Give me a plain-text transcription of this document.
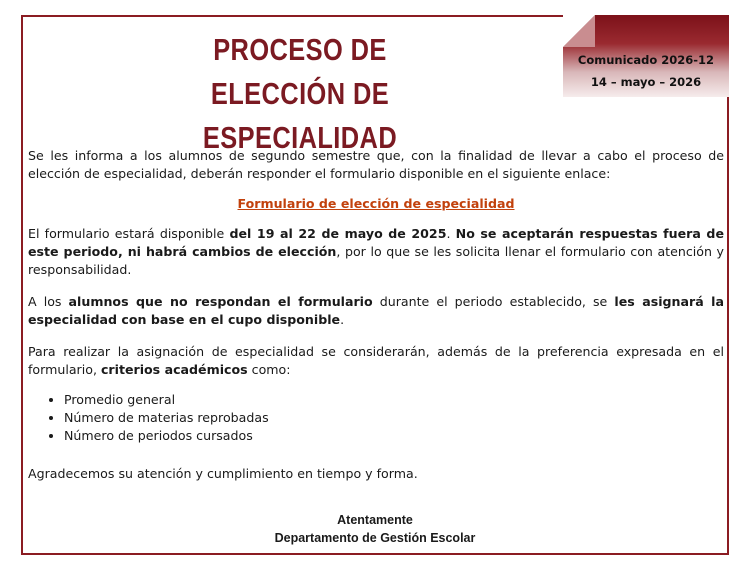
PROCESO DE ELECCIÓN DE
ESPECIALIDAD
Comunicado 2026-12
14 – mayo – 2026

Se les informa a los alumnos de segundo semestre que, con la finalidad de llevar a cabo el proceso de elección de especialidad, deberán responder el formulario disponible en el siguiente enlace:

Formulario de elección de especialidad

El formulario estará disponible del 19 al 22 de mayo de 2025. No se aceptarán respuestas fuera de este periodo, ni habrá cambios de elección, por lo que se les solicita llenar el formulario con atención y responsabilidad.

A los alumnos que no respondan el formulario durante el periodo establecido, se les asignará la especialidad con base en el cupo disponible.

Para realizar la asignación de especialidad se considerarán, además de la preferencia expresada en el formulario, criterios académicos como:

• Promedio general
• Número de materias reprobadas
• Número de periodos cursados

Agradecemos su atención y cumplimiento en tiempo y forma.

Atentamente
Departamento de Gestión Escolar
